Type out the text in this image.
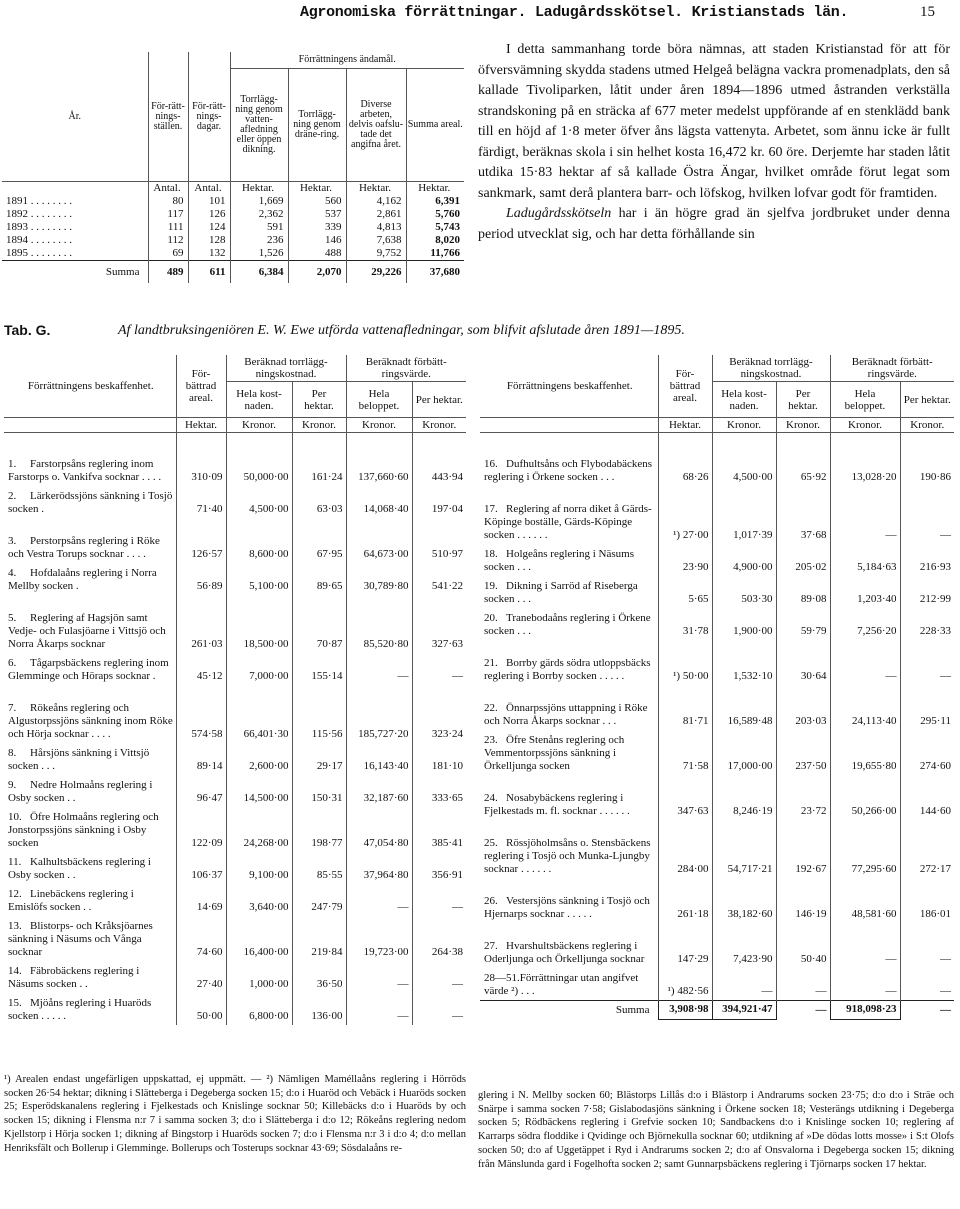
Agronomiska förrättningar. Ladugårdsskötsel. Kristianstads län.	15
År.	För-rätt-nings-ställen.	För-rätt-nings-dagar.	Förrättningens ändamål.			
			Torrlägg-ning genom vatten-afledning eller öppen dikning.	Torrlägg-ning genom dräne-ring.	Diverse arbeten, delvis oafslu-tade det angifna året.	Summa areal.
	Antal.	Antal.	Hektar.	Hektar.	Hektar.	Hektar.
1891 . . . . . . . .	80	101	1,669	560	4,162	6,391
1892 . . . . . . . .	117	126	2,362	537	2,861	5,760
1893 . . . . . . . .	111	124	591	339	4,813	5,743
1894 . . . . . . . .	112	128	236	146	7,638	8,020
1895 . . . . . . . .	69	132	1,526	488	9,752	11,766
Summa	489	611	6,384	2,070	29,226	37,680

I detta sammanhang torde böra nämnas, att staden Kristianstad för att för öfversvämning skydda stadens utmed Helgeå belägna vackra promenadplats, den så kallade Tivoliparken, låtit under åren 1894—1896 utmed åstranden verkställa strandskoning på en sträcka af 677 meter medelst uppförande af en stenklädd bank till en höjd af 1·8 meter öfver åns lägsta vattenyta. Arbetet, som ännu icke är fullt färdigt, beräknas skola i sin helhet kosta 16,472 kr. 60 öre. Derjemte har staden låtit utdika 15·83 hektar af så kallade Östra Ängar, hvilket område förut legat som sankmark, samt derå plantera barr- och löfskog, hvilken lofvar godt för framtiden.

Ladugårdsskötseln har i än högre grad än sjelfva jordbruket under denna period utvecklat sig, och har detta förhållande sin

Tab. G.	Af landtbruksingeniören E. W. Ewe utförda vattenafledningar, som blifvit afslutade åren 1891—1895.
Förrättningens beskaffenhet.	För-bättrad areal.	Beräknad torrlägg-ningskostnad.		Beräknadt förbätt-ringsvärde.	
		Hela kost-naden.	Per hektar.	Hela beloppet.	Per hektar.
	Hektar.	Kronor.	Kronor.	Kronor.	Kronor.

1.Farstorpsåns reglering inom Farstorps o. Vankifva socknar . . . .	310·09	50,000·00	161·24	137,660·60	443·94
2.Lärkerödssjöns sänkning i Tosjö socken .	71·40	4,500·00	63·03	14,068·40	197·04
3.Perstorpsåns reglering i Röke och Vestra Torups socknar . . . .	126·57	8,600·00	67·95	64,673·00	510·97
4.Hofdalaåns reglering i Norra Mellby socken .	56·89	5,100·00	89·65	30,789·80	541·22
5.Reglering af Hagsjön samt Vedje- och Fulasjöarne i Vittsjö och Norra Åkarps socknar	261·03	18,500·00	70·87	85,520·80	327·63
6.Tågarpsbäckens reglering inom Glemminge och Höraps socknar .	45·12	7,000·00	155·14	—	—
7.Rökeåns reglering och Algustorpssjöns sänkning inom Röke och Hörja socknar . . . .	574·58	66,401·30	115·56	185,727·20	323·24
8.Hårsjöns sänkning i Vittsjö socken . . .	89·14	2,600·00	29·17	16,143·40	181·10
9.Nedre Holmaåns reglering i Osby socken . .	96·47	14,500·00	150·31	32,187·60	333·65
10.Öfre Holmaåns reglering och Jonstorpssjöns sänkning i Osby socken	122·09	24,268·00	198·77	47,054·80	385·41
11.Kalhultsbäckens reglering i Osby socken . .	106·37	9,100·00	85·55	37,964·80	356·91
12.Linebäckens reglering i Emislöfs socken . .	14·69	3,640·00	247·79	—	—
13.Blistorps- och Kråksjöarnes sänkning i Näsums och Vånga socknar	74·60	16,400·00	219·84	19,723·00	264·38
14.Fäbrobäckens reglering i Näsums socken . .	27·40	1,000·00	36·50	—	—
15.Mjöåns reglering i Huaröds socken . . . . .	50·00	6,800·00	136·00	—	—
Förrättningens beskaffenhet.	För-bättrad areal.	Beräknad torrlägg-ningskostnad.		Beräknadt förbätt-ringsvärde.	
		Hela kost-naden.	Per hektar.	Hela beloppet.	Per hektar.
	Hektar.	Kronor.	Kronor.	Kronor.	Kronor.

16.Dufhultsåns och Flybodabäckens reglering i Örkene socken . . .	68·26	4,500·00	65·92	13,028·20	190·86
17.Reglering af norra diket å Gärds-Köpinge boställe, Gärds-Köpinge socken . . . . . .	¹) 27·00	1,017·39	37·68	—	—
18.Holgeåns reglering i Näsums socken . . .	23·90	4,900·00	205·02	5,184·63	216·93
19.Dikning i Sarröd af Riseberga socken . . .	5·65	503·30	89·08	1,203·40	212·99
20.Tranebodaåns reglering i Örkene socken . . .	31·78	1,900·00	59·79	7,256·20	228·33
21.Borrby gärds södra utloppsbäcks reglering i Borrby socken . . . . .	¹) 50·00	1,532·10	30·64	—	—
22.Önnarpssjöns uttappning i Röke och Norra Åkarps socknar . . .	81·71	16,589·48	203·03	24,113·40	295·11
23.Öfre Stenåns reglering och Vemmentorpssjöns sänkning i Örkelljunga socken	71·58	17,000·00	237·50	19,655·80	274·60
24.Nosabybäckens reglering i Fjelkestads m. fl. socknar . . . . . .	347·63	8,246·19	23·72	50,266·00	144·60
25.Rössjöholmsåns o. Stensbäckens reglering i Tosjö och Munka-Ljungby socknar . . . . . .	284·00	54,717·21	192·67	77,295·60	272·17
26.Vestersjöns sänkning i Tosjö och Hjernarps socknar . . . . .	261·18	38,182·60	146·19	48,581·60	186·01
27.Hvarshultsbäckens reglering i Oderljunga och Örkelljunga socknar	147·29	7,423·90	50·40	—	—
28—51.Förrättningar utan angifvet värde ²) . . .	¹) 482·56	—	—	—	—
Summa	3,908·98	394,921·47	—	918,098·23	—
¹) Arealen endast ungefärligen uppskattad, ej uppmätt. — ²) Nämligen Maméllaåns reglering i Hörröds socken 26·54 hektar; dikning i Slätteberga i Degeberga socken 15; d:o i Huaröd och Vebäck i Huaröds socken 25; Esperödskanalens reglering i Fjelkestads och Knislinge socknar 50; Killebäcks d:o i Huaröds by och socken 15; dikning i Flensma n:r 7 i samma socken 3; d:o i Slätteberga i d:o 12; Rökeåns reglering nedom Kjellstorp i Hörja socken 1; dikning af Bingstorp i Huaröds socken 7; d:o i Flensma n:r 3 i d:o 4; d:o mellan Henriksfält och Bollerup i Glemminge. Bollerups och Tosterups socknar 43·69; Sösdalaåns re-
glering i N. Mellby socken 60; Blästorps Lillås d:o i Blästorp i Andrarums socken 23·75; d:o d:o i Sträe och Snärpe i samma socken 7·58; Gislabodasjöns sänkning i Örkene socken 18; Vesterängs utdikning i Degeberga socken 5; Rödbäckens reglering i Grefvie socken 10; Sandbackens d:o i Knislinge socken 10; reglering af Karrarps södra floddike i Qvidinge och Björnekulla socknar 60; utdikning af »De dödas lotts mosse» i S:t Olofs socken 50; d:o af Uggetäppet i Ryd i Andrarums socken 2; d:o af Onsvalorna i Degeberga socken 15; dikning från Mänslunda gard i Fogelhofta socken 2; samt Gunnarpsbäckens reglering i Tjörnarps socken 17 hektar.
